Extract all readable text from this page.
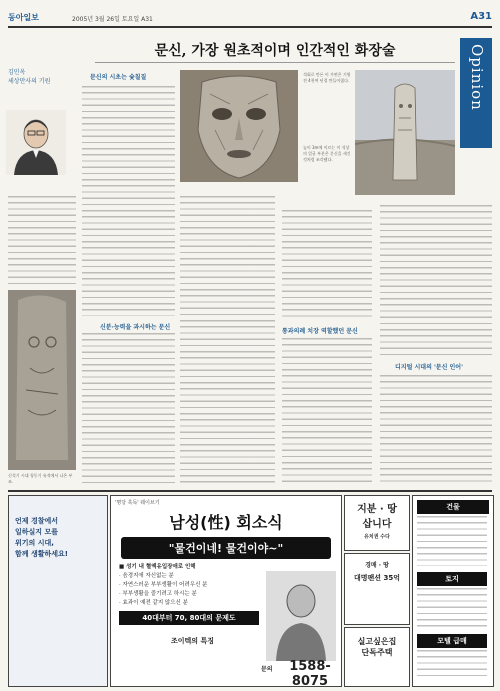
동아일보	2005년 3월 26일 토요일 A31	A31
Opinion
문신, 가장 원초적이며 인간적인 화장술
김민옥
세상만사의 기원
문신의 시초는 숯칠질
신분·능력을 과시하는 문신
석회로 만든 이 가면은 기원전 4천여 년경 만들어졌다.
높이 3m에 이르는 이 석상의 얼굴 부분은 문신을 새긴 것처럼 조각됐다.
신석기 시대 청동기 유적에서 나온 부조.
통과의례 치장 역할했던 문신
디지털 시대의 '문신 인어'
언제 경찰에서
일하실지 모를
위기의 시대,
함께 생활하세요!
'명당 혹독' 웨이브기
남성(性) 회소식
"물건이네! 물건이야~"
■ 성기 내 혈액유입장애로 인해
· 음경지에 자신없는 분
· 자연스러운 부부생활이 어려우신 분
· 부부생활을 즐기려고 하시는 분
· 효과이 예전 같지 않으신 분
40대부터 70, 80대의 문제도
조이텍의 특징
문의	1588-8075
지분 · 땅
삽니다
유치권 수다
경매 · 땅
대명팬션 35억
실고싶은집
단독주택
건물
토지
모텔 급매
